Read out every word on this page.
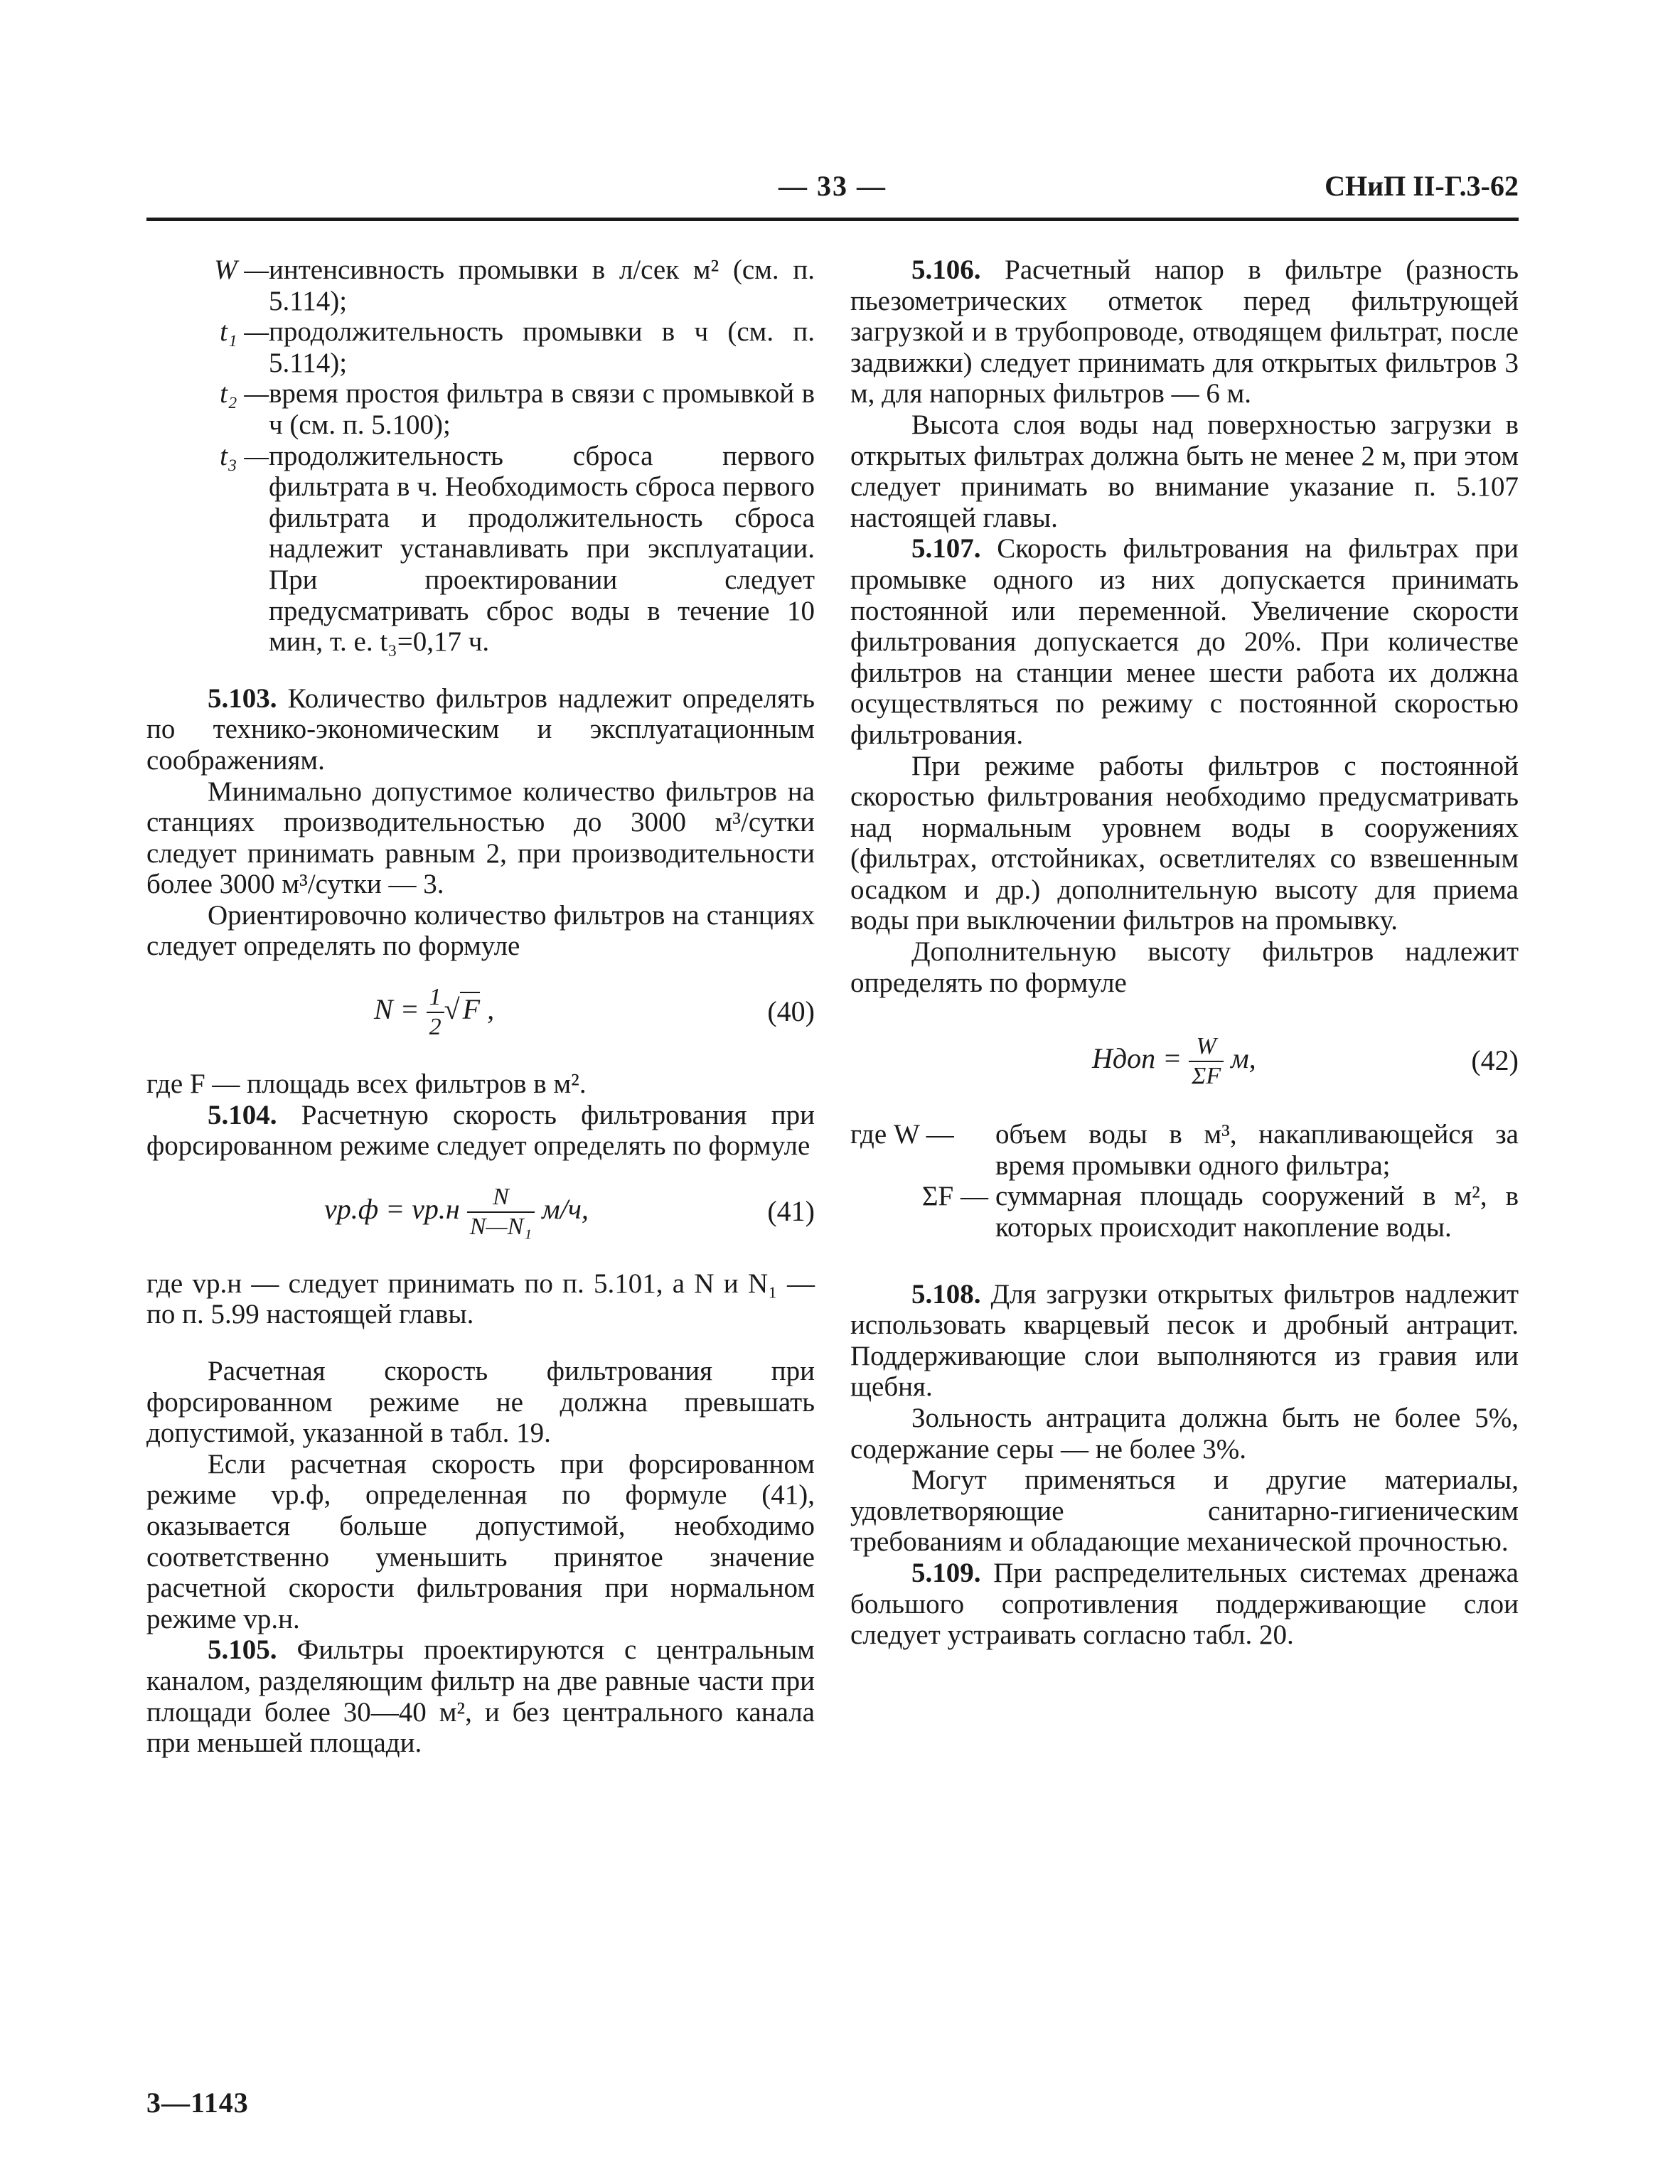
— 33 —	СНиП II-Г.3-62
W — интенсивность промывки в л/сек м² (см. п. 5.114);
t₁ — продолжительность промывки в ч (см. п. 5.114);
t₂ — время простоя фильтра в связи с промывкой в ч (см. п. 5.100);
t₃ — продолжительность сброса первого фильтрата в ч. Необходимость сброса первого фильтрата и продолжительность сброса надлежит устанавливать при эксплуатации. При проектировании следует предусматривать сброс воды в течение 10 мин, т. е. t₃=0,17 ч.

5.103. Количество фильтров надлежит определять по технико-экономическим и эксплуатационным соображениям.

Минимально допустимое количество фильтров на станциях производительностью до 3000 м³/сутки следует принимать равным 2, при производительности более 3000 м³/сутки — 3.

Ориентировочно количество фильтров на станциях следует определять по формуле

$N = \frac{1}{2}$ √ F ,	(40)

где F — площадь всех фильтров в м².

5.104. Расчетную скорость фильтрования при форсированном режиме следует определять по формуле

$vр.ф = vр.н \frac{N}{\text{N—N₁}} м/ч$,	(41)

где vр.н — следует принимать по п. 5.101, а N и N₁ — по п. 5.99 настоящей главы.

Расчетная скорость фильтрования при форсированном режиме не должна превышать допустимой, указанной в табл. 19.

Если расчетная скорость при форсированном режиме vр.ф, определенная по формуле (41), оказывается больше допустимой, необходимо соответственно уменьшить принятое значение расчетной скорости фильтрования при нормальном режиме vр.н.

5.105. Фильтры проектируются с центральным каналом, разделяющим фильтр на две равные части при площади более 30—40 м², и без центрального канала при меньшей площади.

5.106. Расчетный напор в фильтре (разность пьезометрических отметок перед фильтрующей загрузкой и в трубопроводе, отводящем фильтрат, после задвижки) следует принимать для открытых фильтров 3 м, для напорных фильтров — 6 м.

Высота слоя воды над поверхностью загрузки в открытых фильтрах должна быть не менее 2 м, при этом следует принимать во внимание указание п. 5.107 настоящей главы.

5.107. Скорость фильтрования на фильтрах при промывке одного из них допускается принимать постоянной или переменной. Увеличение скорости фильтрования допускается до 20%. При количестве фильтров на станции менее шести работа их должна осуществляться по режиму с постоянной скоростью фильтрования.

При режиме работы фильтров с постоянной скоростью фильтрования необходимо предусматривать над нормальным уровнем воды в сооружениях (фильтрах, отстойниках, осветлителях со взвешенным осадком и др.) дополнительную высоту для приема воды при выключении фильтров на промывку.

Дополнительную высоту фильтров надлежит определять по формуле

Hдоп = $\frac{W}{\Sigma F} м$,	(42)
где W —	объем воды в м³, накапливающейся за время промывки одного фильтра;
ΣF — суммарная площадь сооружений в м², в которых происходит накопление воды.

5.108. Для загрузки открытых фильтров надлежит использовать кварцевый песок и дробный антрацит. Поддерживающие слои выполняются из гравия или щебня.

Зольность антрацита должна быть не более 5%, содержание серы — не более 3%.

Могут применяться и другие материалы, удовлетворяющие санитарно-гигиеническим требованиям и обладающие механической прочностью.

5.109. При распределительных системах дренажа большого сопротивления поддерживающие слои следует устраивать согласно табл. 20.

3—1143
